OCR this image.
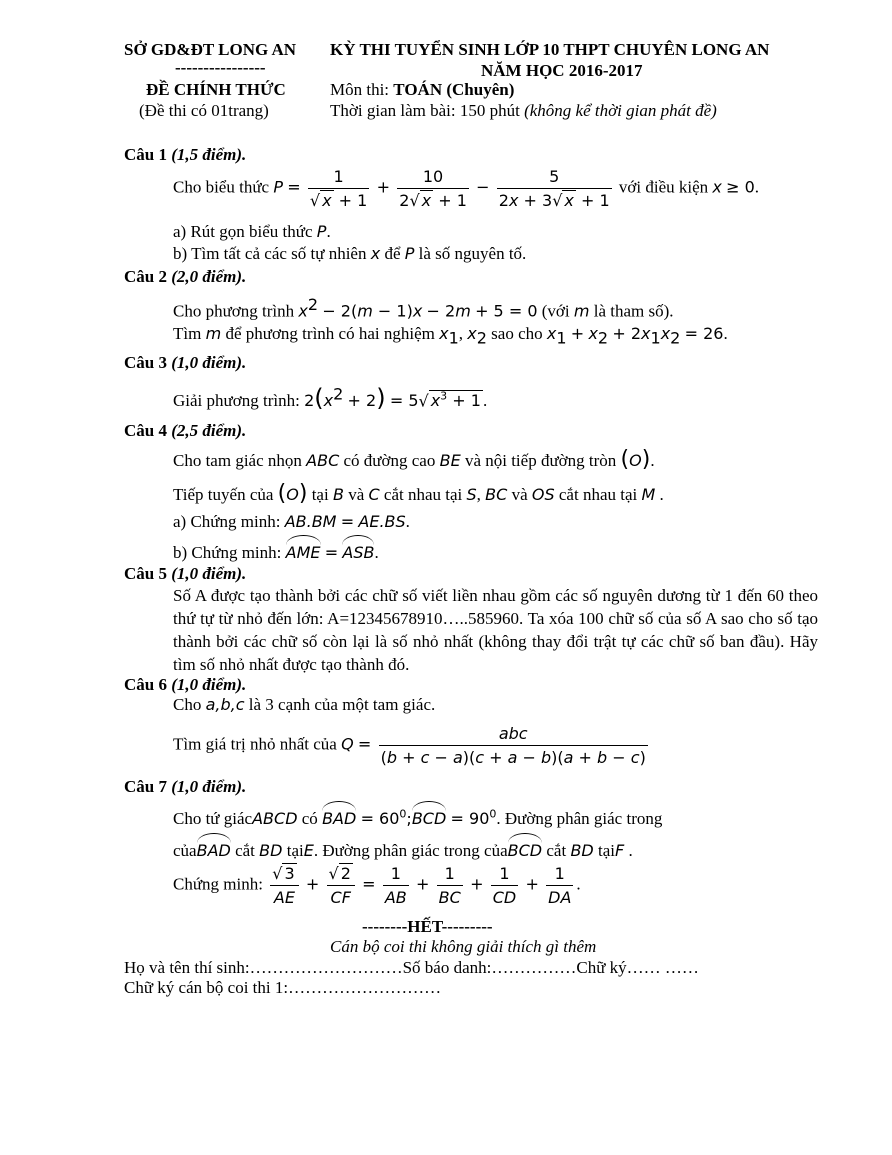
SỞ GD&ĐT LONG AN
----------------
ĐỀ CHÍNH THỨC
(Đề thi có 01trang)
KỲ THI TUYỂN SINH LỚP 10 THPT CHUYÊN LONG AN
NĂM HỌC 2016-2017
Môn thi: TOÁN (Chuyên)
Thời gian làm bài: 150 phút (không kể thời gian phát đề)
Câu 1 (1,5 điểm).
Cho biểu thức $P = \frac{1}{√ x + 1} + \frac{10}{2√ x + 1} - \frac{5}{2x + 3√ x + 1}$ với điều kiện x ≥ 0.
a) Rút gọn biểu thức P.
b) Tìm tất cả các số tự nhiên x để P là số nguyên tố.
Câu 2 (2,0 điểm).
Cho phương trình $x^2 - 2(m - 1)x - 2m + 5 = 0$ (với m là tham số).
Tìm m để phương trình có hai nghiệm $x_1$, $x_2$ sao cho $x_1 + x_2 + 2x_1x_2 = 26$.
Câu 3 (1,0 điểm).
Giải phương trình: $2(x^2 + 2) = 5√$ $x^3 + 1$ .
Câu 4 (2,5 điểm).
Cho tam giác nhọn ABC có đường cao BE và nội tiếp đường tròn (O).
Tiếp tuyến của (O) tại B và C cắt nhau tại S, BC và OS cắt nhau tại M .
a) Chứng minh: AB.BM = AE.BS.
b) Chứng minh: AME = ASB.
Câu 5 (1,0 điểm).
Số A được tạo thành bởi các chữ số viết liền nhau gồm các số nguyên dương từ 1 đến 60 theo thứ tự từ nhỏ đến lớn: A=12345678910…..585960. Ta xóa 100 chữ số của số A sao cho số tạo thành bởi các chữ số còn lại là số nhỏ nhất (không thay đổi trật tự các chữ số ban đầu). Hãy tìm số nhỏ nhất được tạo thành đó.
Câu 6 (1,0 điểm).
Cho a,b,c là 3 cạnh của một tam giác.
Tìm giá trị nhỏ nhất của $Q = \frac{\text{abc}}{(b + c - a)(c + a - b)(a + b - c)}$
Câu 7 (1,0 điểm).
Cho tứ giácABCD có BAD = $60^0;BCD = 90^0$. Đường phân giác trong
củaBAD cắt BD tạiE. Đường phân giác trong củaBCD cắt BD tạiF .
Chứng minh: $\frac{√ 3}{AE} + \frac{√ 2}{CF} = \frac{1}{AB} + \frac{1}{BC} + \frac{1}{CD} + \frac{1}{DA}$ .
--------HẾT---------
Cán bộ coi thi không giải thích gì thêm
Họ và tên thí sinh:………………………Số báo danh:……………Chữ ký…… ……
Chữ ký cán bộ coi thi 1:………………………
